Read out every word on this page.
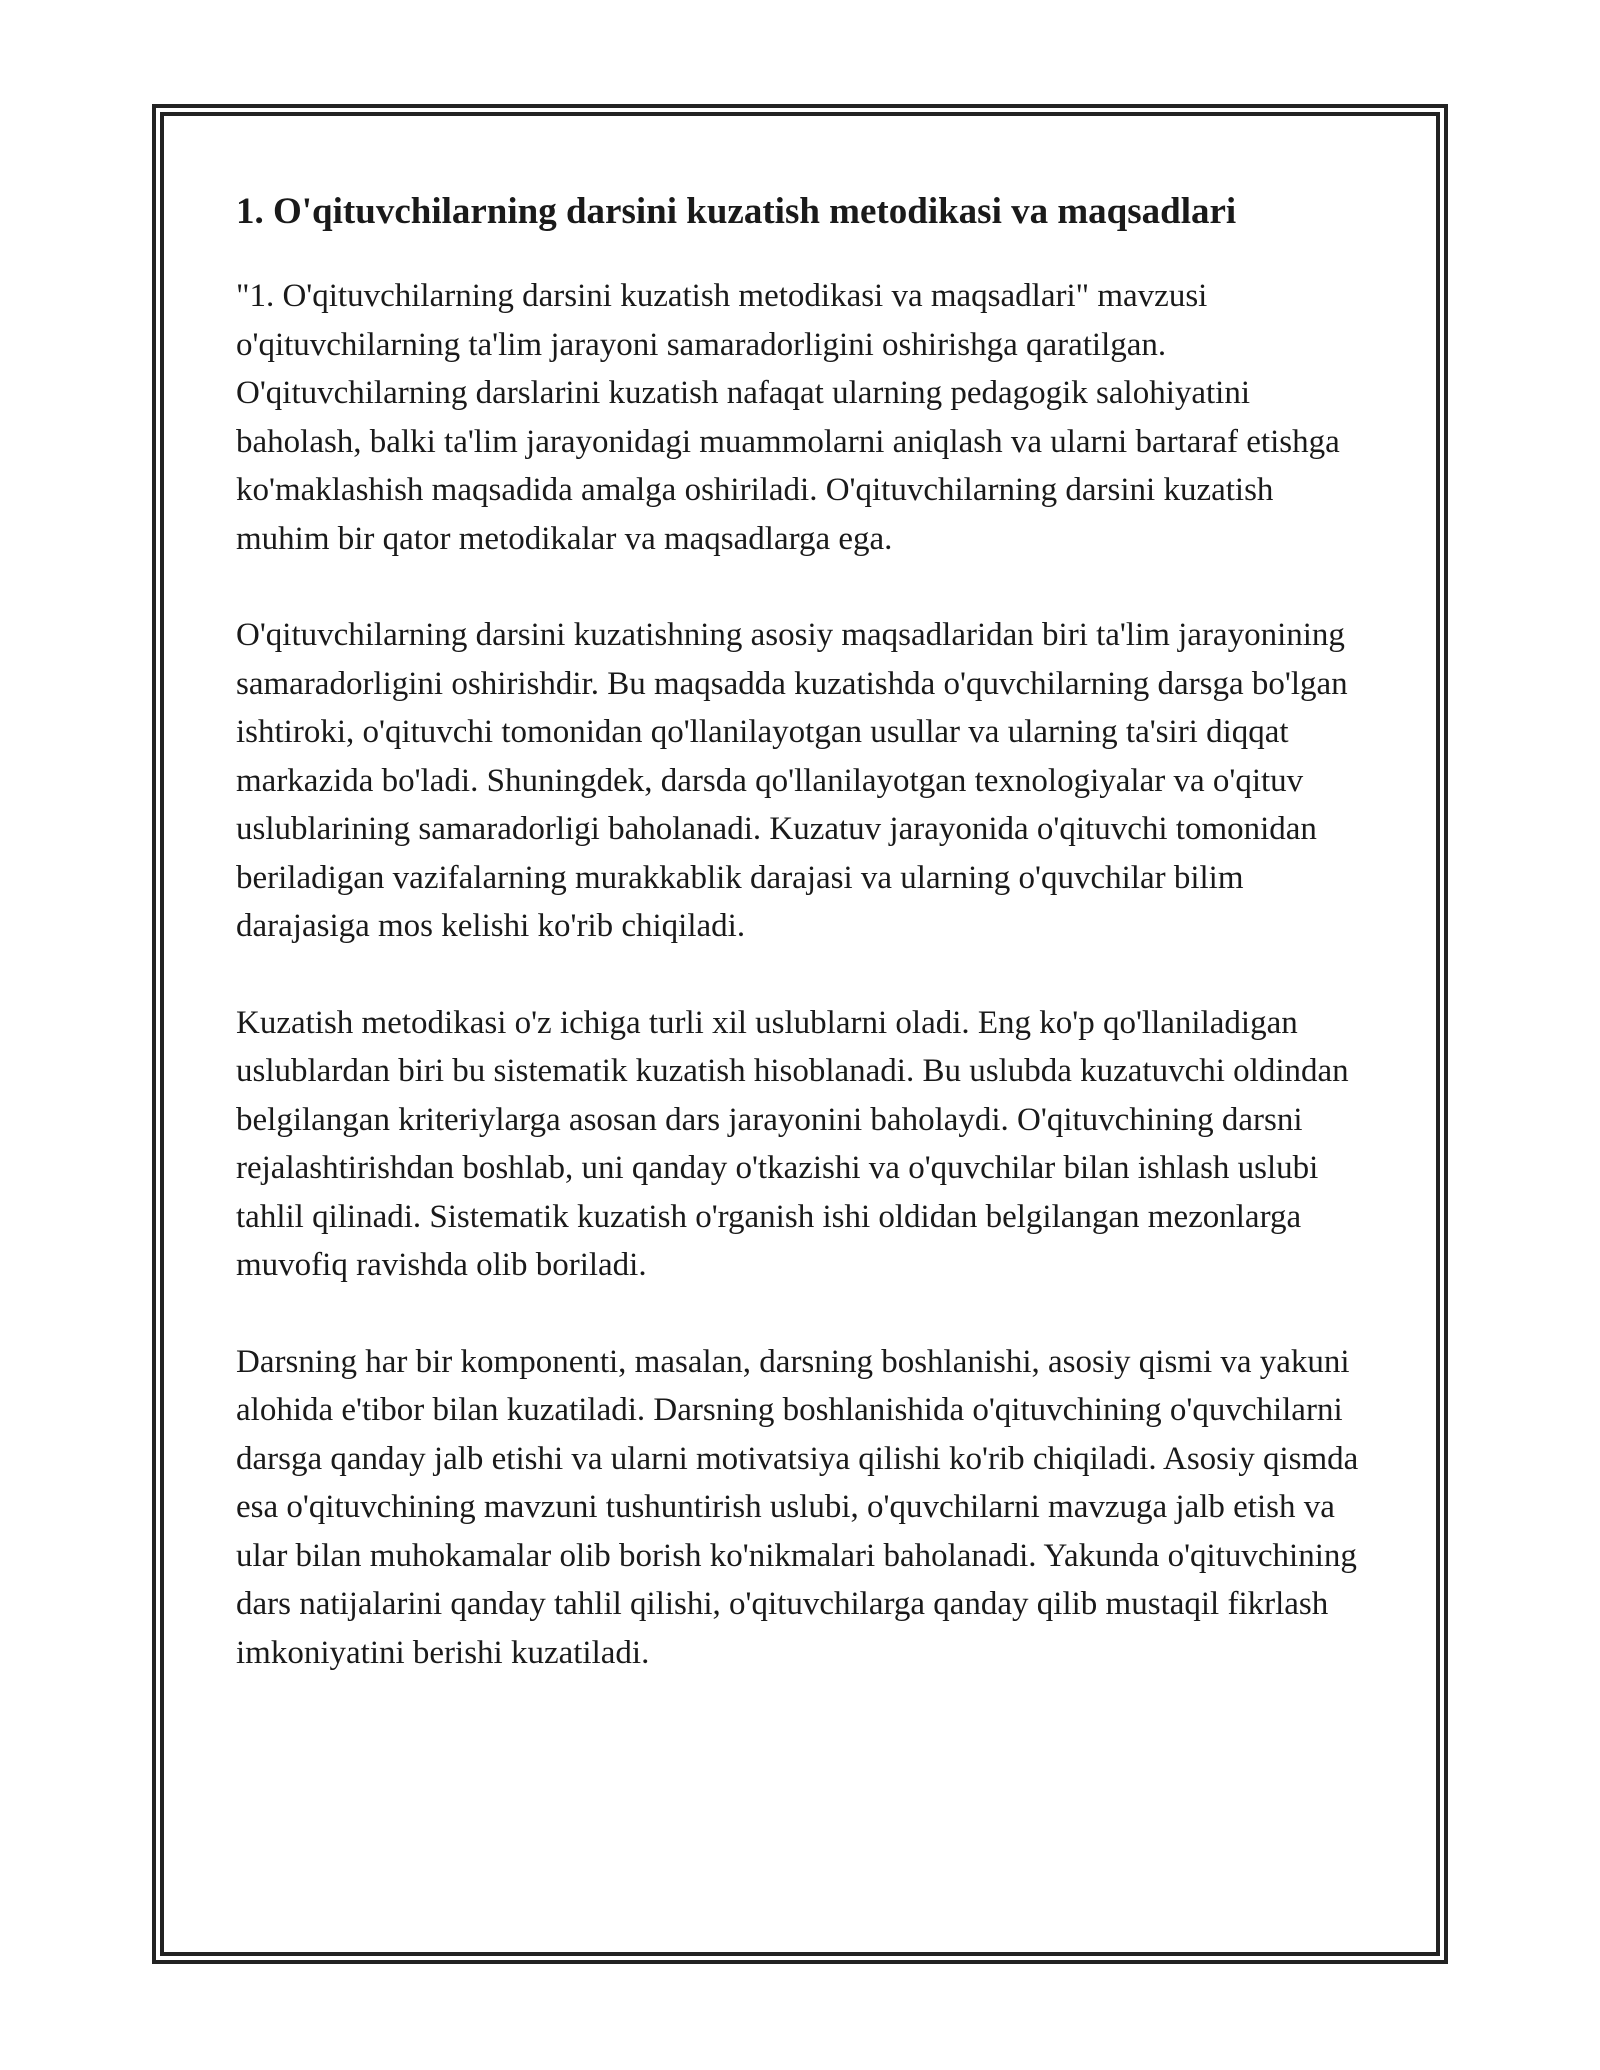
1. O'qituvchilarning darsini kuzatish metodikasi va maqsadlari

"1. O'qituvchilarning darsini kuzatish metodikasi va maqsadlari" mavzusi o'qituvchilarning ta'lim jarayoni samaradorligini oshirishga qaratilgan. O'qituvchilarning darslarini kuzatish nafaqat ularning pedagogik salohiyatini baholash, balki ta'lim jarayonidagi muammolarni aniqlash va ularni bartaraf etishga ko'maklashish maqsadida amalga oshiriladi. O'qituvchilarning darsini kuzatish muhim bir qator metodikalar va maqsadlarga ega.

O'qituvchilarning darsini kuzatishning asosiy maqsadlaridan biri ta'lim jarayonining samaradorligini oshirishdir. Bu maqsadda kuzatishda o'quvchilarning darsga bo'lgan ishtiroki, o'qituvchi tomonidan qo'llanilayotgan usullar va ularning ta'siri diqqat markazida bo'ladi. Shuningdek, darsda qo'llanilayotgan texnologiyalar va o'qituv uslublarining samaradorligi baholanadi. Kuzatuv jarayonida o'qituvchi tomonidan beriladigan vazifalarning murakkablik darajasi va ularning o'quvchilar bilim darajasiga mos kelishi ko'rib chiqiladi.

Kuzatish metodikasi o'z ichiga turli xil uslublarni oladi. Eng ko'p qo'llaniladigan uslublardan biri bu sistematik kuzatish hisoblanadi. Bu uslubda kuzatuvchi oldindan belgilangan kriteriylarga asosan dars jarayonini baholaydi. O'qituvchining darsni rejalashtirishdan boshlab, uni qanday o'tkazishi va o'quvchilar bilan ishlash uslubi tahlil qilinadi. Sistematik kuzatish o'rganish ishi oldidan belgilangan mezonlarga muvofiq ravishda olib boriladi.

Darsning har bir komponenti, masalan, darsning boshlanishi, asosiy qismi va yakuni alohida e'tibor bilan kuzatiladi. Darsning boshlanishida o'qituvchining o'quvchilarni darsga qanday jalb etishi va ularni motivatsiya qilishi ko'rib chiqiladi. Asosiy qismda esa o'qituvchining mavzuni tushuntirish uslubi, o'quvchilarni mavzuga jalb etish va ular bilan muhokamalar olib borish ko'nikmalari baholanadi. Yakunda o'qituvchining dars natijalarini qanday tahlil qilishi, o'qituvchilarga qanday qilib mustaqil fikrlash imkoniyatini berishi kuzatiladi.
